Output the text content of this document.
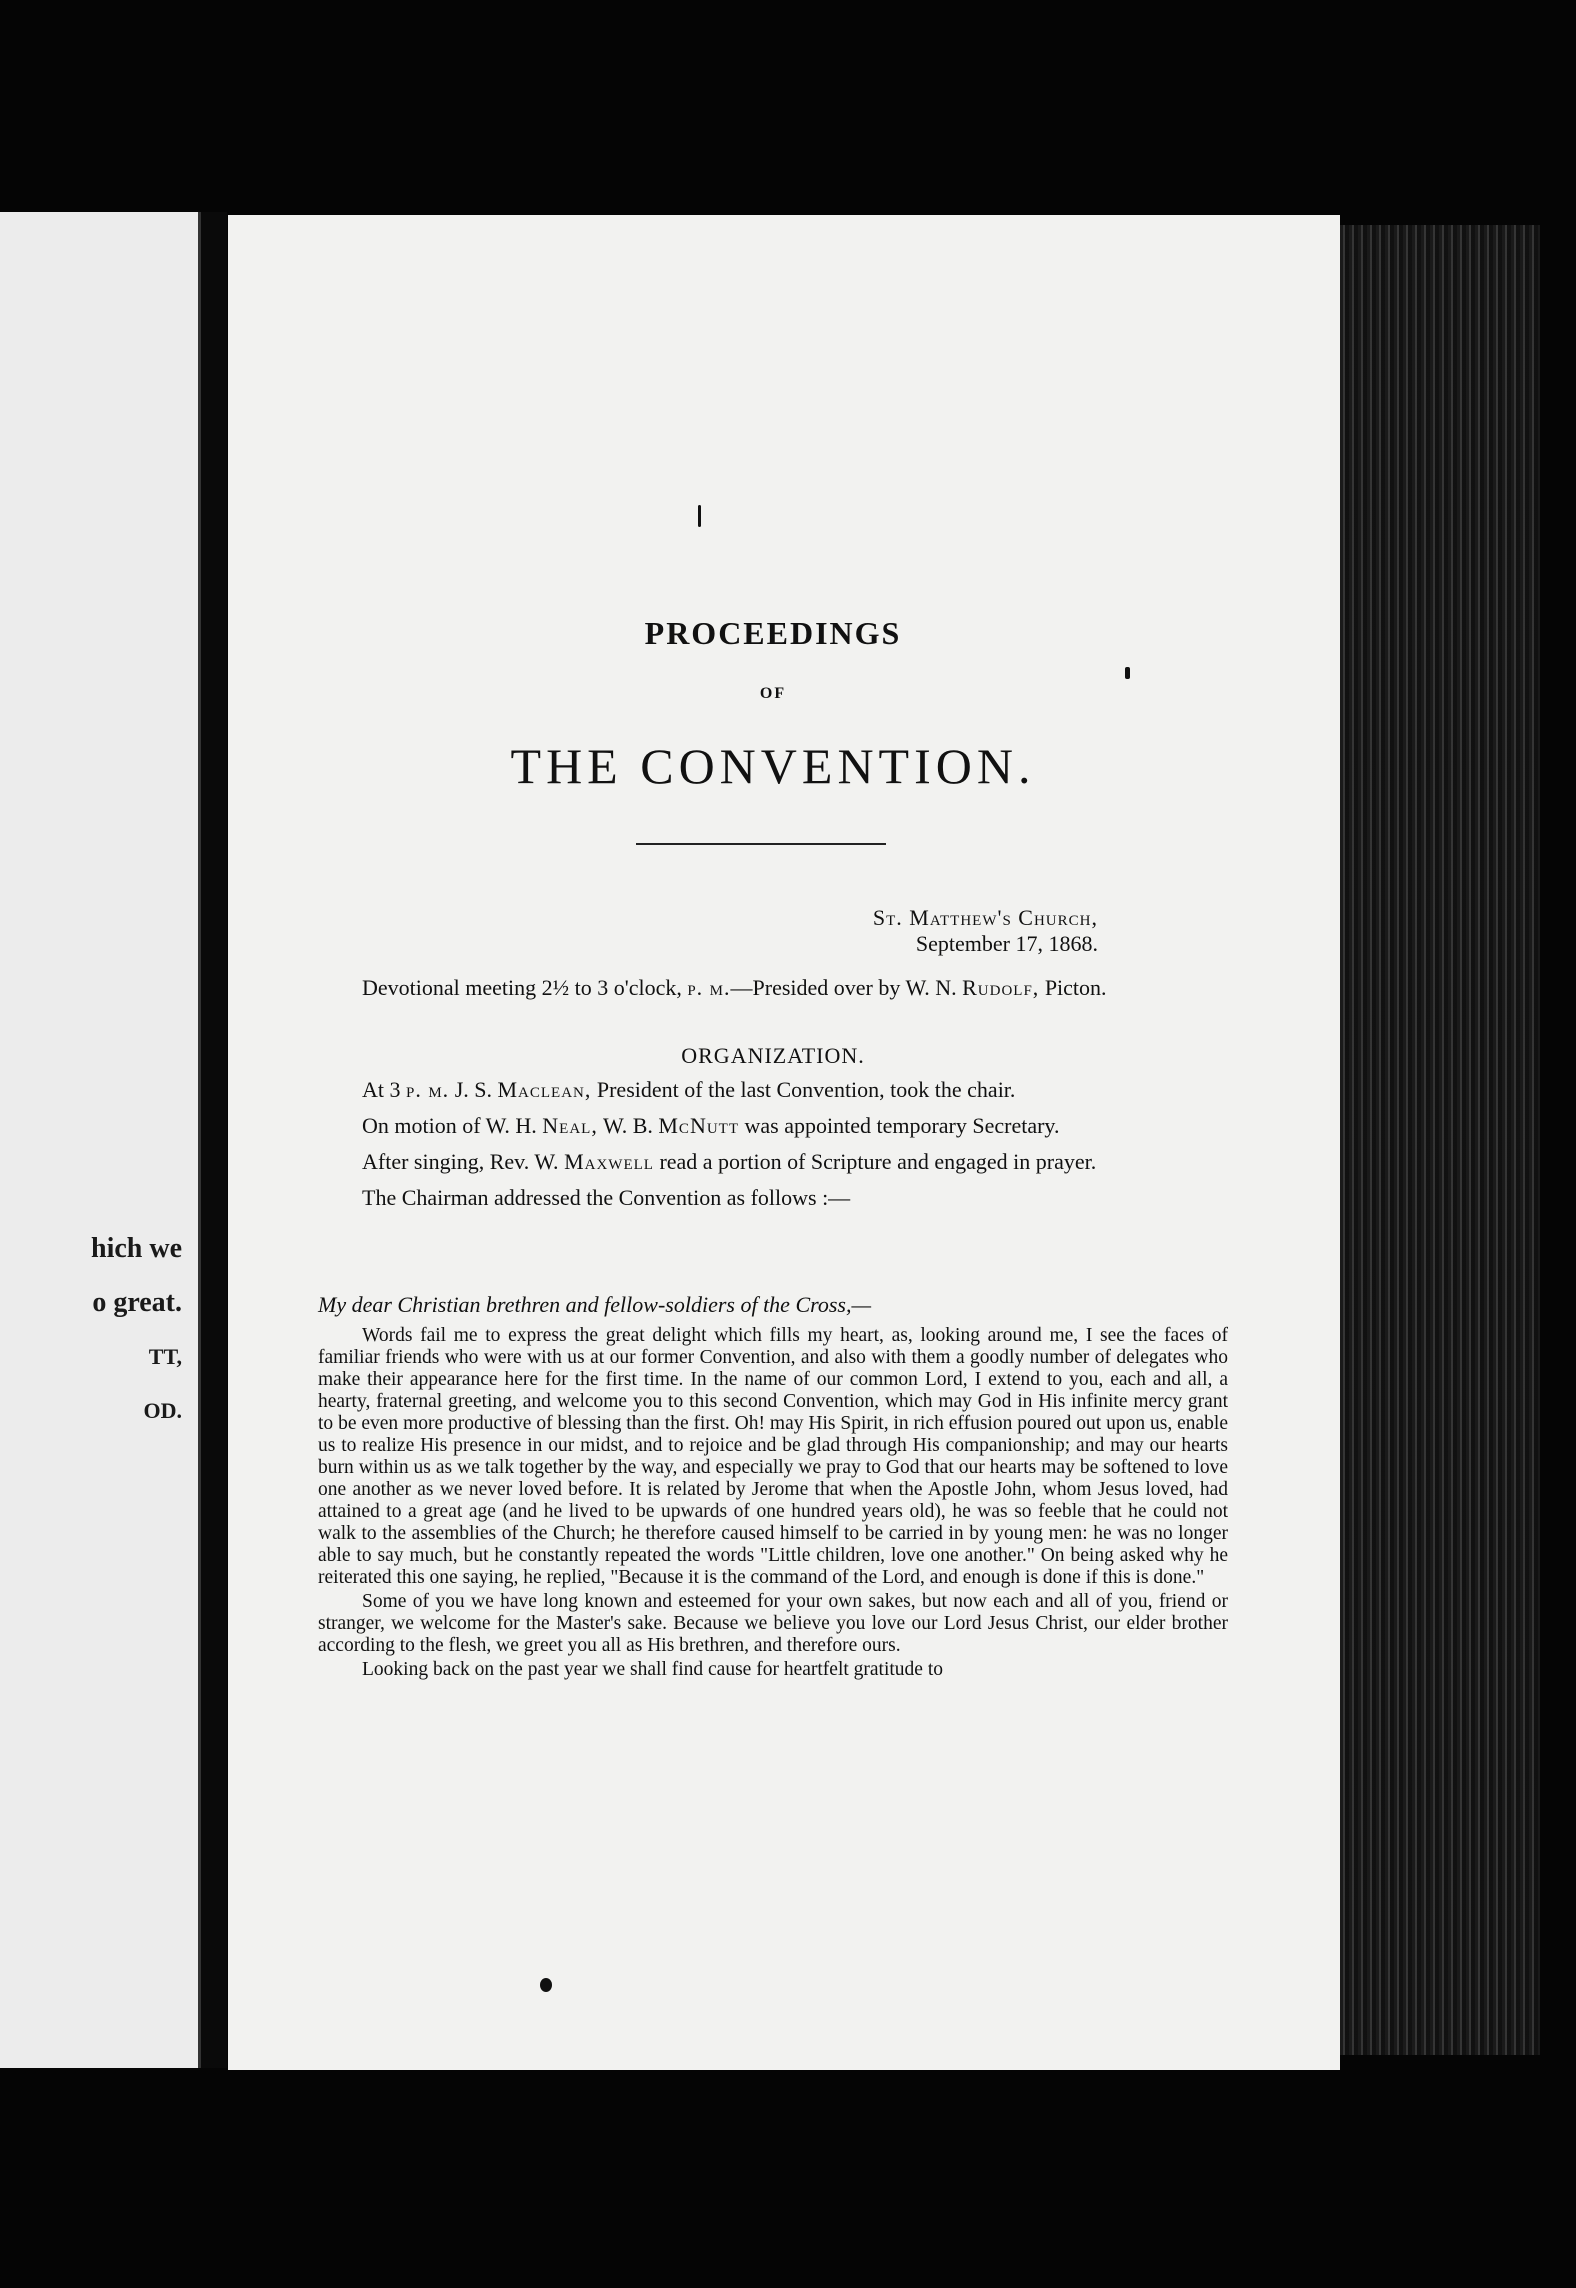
hich we
o great.
TT,
OD.
PROCEEDINGS
OF
THE CONVENTION.
St. Matthew's Church,
September 17, 1868.
Devotional meeting 2½ to 3 o'clock, p. m.—Presided over by W. N. Rudolf, Picton.
ORGANIZATION.

At 3 p. m. J. S. Maclean, President of the last Convention, took the chair.

On motion of W. H. Neal, W. B. McNutt was appointed temporary Secretary.

After singing, Rev. W. Maxwell read a portion of Scripture and engaged in prayer.

The Chairman addressed the Convention as follows :—

My dear Christian brethren and fellow-soldiers of the Cross,—

Words fail me to express the great delight which fills my heart, as, looking around me, I see the faces of familiar friends who were with us at our former Convention, and also with them a goodly number of delegates who make their appearance here for the first time. In the name of our common Lord, I extend to you, each and all, a hearty, fraternal greeting, and welcome you to this second Convention, which may God in His infinite mercy grant to be even more productive of blessing than the first. Oh! may His Spirit, in rich effusion poured out upon us, enable us to realize His presence in our midst, and to rejoice and be glad through His companionship; and may our hearts burn within us as we talk together by the way, and especially we pray to God that our hearts may be softened to love one another as we never loved before. It is related by Jerome that when the Apostle John, whom Jesus loved, had attained to a great age (and he lived to be upwards of one hundred years old), he was so feeble that he could not walk to the assemblies of the Church; he therefore caused himself to be carried in by young men: he was no longer able to say much, but he constantly repeated the words "Little children, love one another." On being asked why he reiterated this one saying, he replied, "Because it is the command of the Lord, and enough is done if this is done."

Some of you we have long known and esteemed for your own sakes, but now each and all of you, friend or stranger, we welcome for the Master's sake. Because we believe you love our Lord Jesus Christ, our elder brother according to the flesh, we greet you all as His brethren, and therefore ours.

Looking back on the past year we shall find cause for heartfelt gratitude to
